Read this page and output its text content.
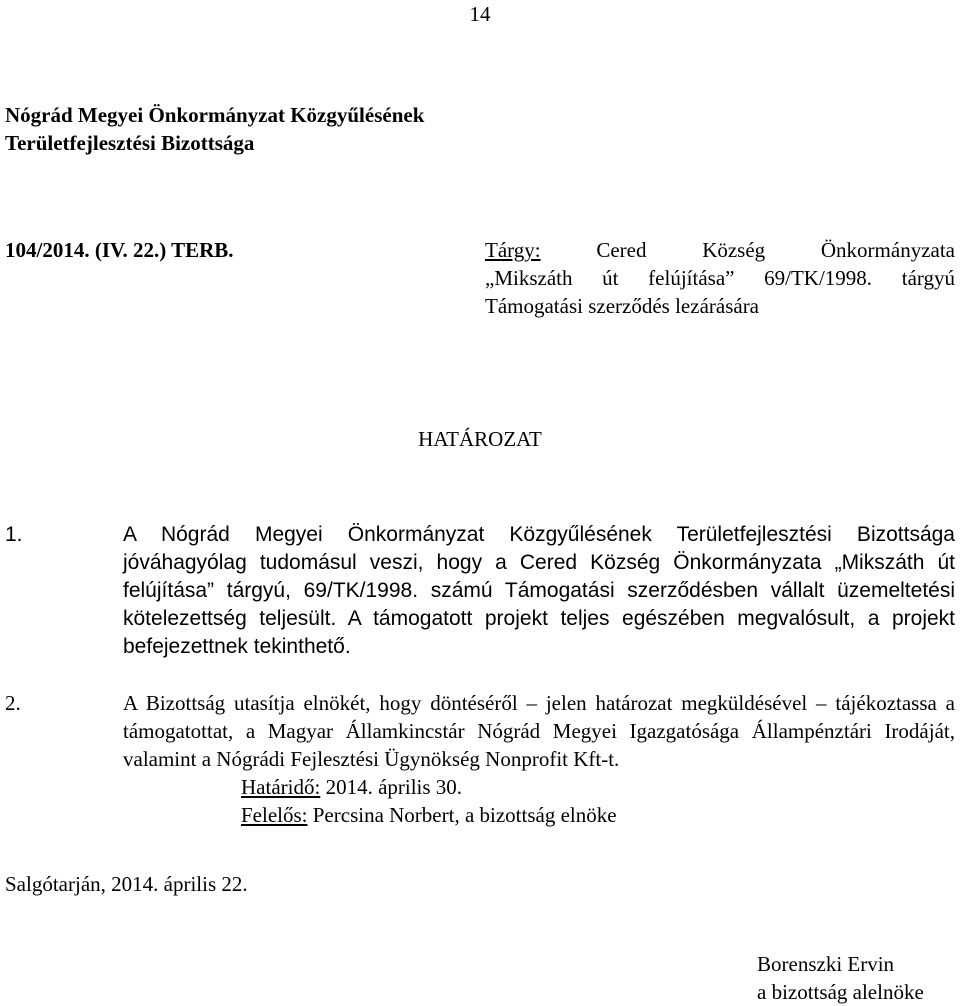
14
Nógrád Megyei Önkormányzat Közgyűlésének
Területfejlesztési Bizottsága
104/2014. (IV. 22.) TERB.	Tárgy:	Cered Község Önkormányzata
„Mikszáth út felújítása” 69/TK/1998. tárgyú
Támogatási szerződés lezárására
HATÁROZAT
1.	A Nógrád Megyei Önkormányzat Közgyűlésének Területfejlesztési Bizottsága jóváhagyólag tudomásul veszi, hogy a Cered Község Önkormányzata „Mikszáth út felújítása” tárgyú, 69/TK/1998. számú Támogatási szerződésben vállalt üzemeltetési kötelezettség teljesült. A támogatott projekt teljes egészében megvalósult, a projekt befejezettnek tekinthető.
2.	A Bizottság utasítja elnökét, hogy döntéséről – jelen határozat megküldésével – tájékoztassa a támogatottat, a Magyar Államkincstár Nógrád Megyei Igazgatósága Állampénztári Irodáját, valamint a Nógrádi Fejlesztési Ügynökség Nonprofit Kft-t.
Határidő: 2014. április 30.
Felelős: Percsina Norbert, a bizottság elnöke
Salgótarján, 2014. április 22.
Borenszki Ervin
a bizottság alelnöke
